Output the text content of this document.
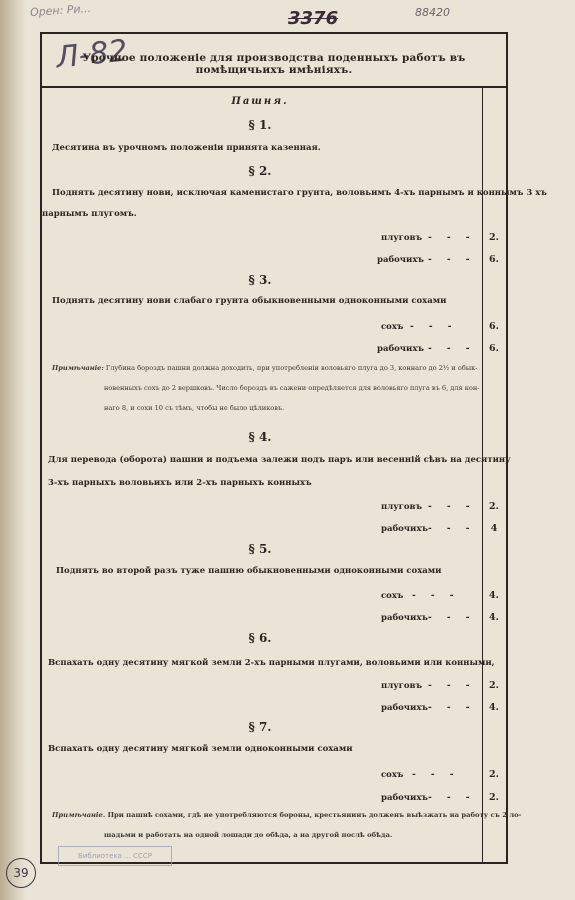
Орен: Ри...	3376	88420
Л-82
Урочное положеніе для производства поденныхъ работъ въ помѣщичьихъ имѣніяхъ.
Пашня.
§ 1.
Десятина въ урочномъ положеніи принята казенная.
§ 2.
Поднять десятину нови, исключая каменистаго грунта, воловьимъ 4-хъ парнымъ и коннымъ 3 хъ
парнымъ плугомъ.
плуговъ - - -	2.
рабочихъ - - -	6.
§ 3.
Поднять десятину нови слабаго грунта обыкновенными одноконными сохами
сохъ - - -	6.
рабочихъ - - -	6.
Примѣчаніе: Глубина бороздъ пашни должна доходить, при употребленіи воловьяго плуга до 3, коннаго до 2½ и обык-
новенныхъ сохъ до 2 вершковъ. Число бороздъ въ сажени опредѣляется для воловьяго плуга въ 6, для кон-
наго 8, и сохи 10 съ тѣмъ, чтобы не было цѣликовъ.
§ 4.
Для перевода (оборота) пашни и подъема залежи подъ паръ или весенній сѣвъ на десятину
3-хъ парныхъ воловьихъ или 2-хъ парныхъ конныхъ
плуговъ - - -	2.
рабочихъ - - -	4
§ 5.
Поднять во второй разъ туже пашню обыкновенными одноконными сохами
сохъ - - -	4.
рабочихъ - - -	4.
§ 6.
Вспахать одну десятину мягкой земли 2-хъ парными плугами, воловьими или конными,
плуговъ - - -	2.
рабочихъ - - -	4.
§ 7.
Вспахать одну десятину мягкой земли одноконными сохами
сохъ - - -	2.
рабочихъ - - -	2.
Примѣчаніе. При пашнѣ сохами, гдѣ не употребляются бороны, крестьянинъ долженъ выѣзжать на работу съ 2 ло-
шадьми и работать на одной лошади до обѣда, а на другой послѣ обѣда.
Библиотека ... СССР
39
